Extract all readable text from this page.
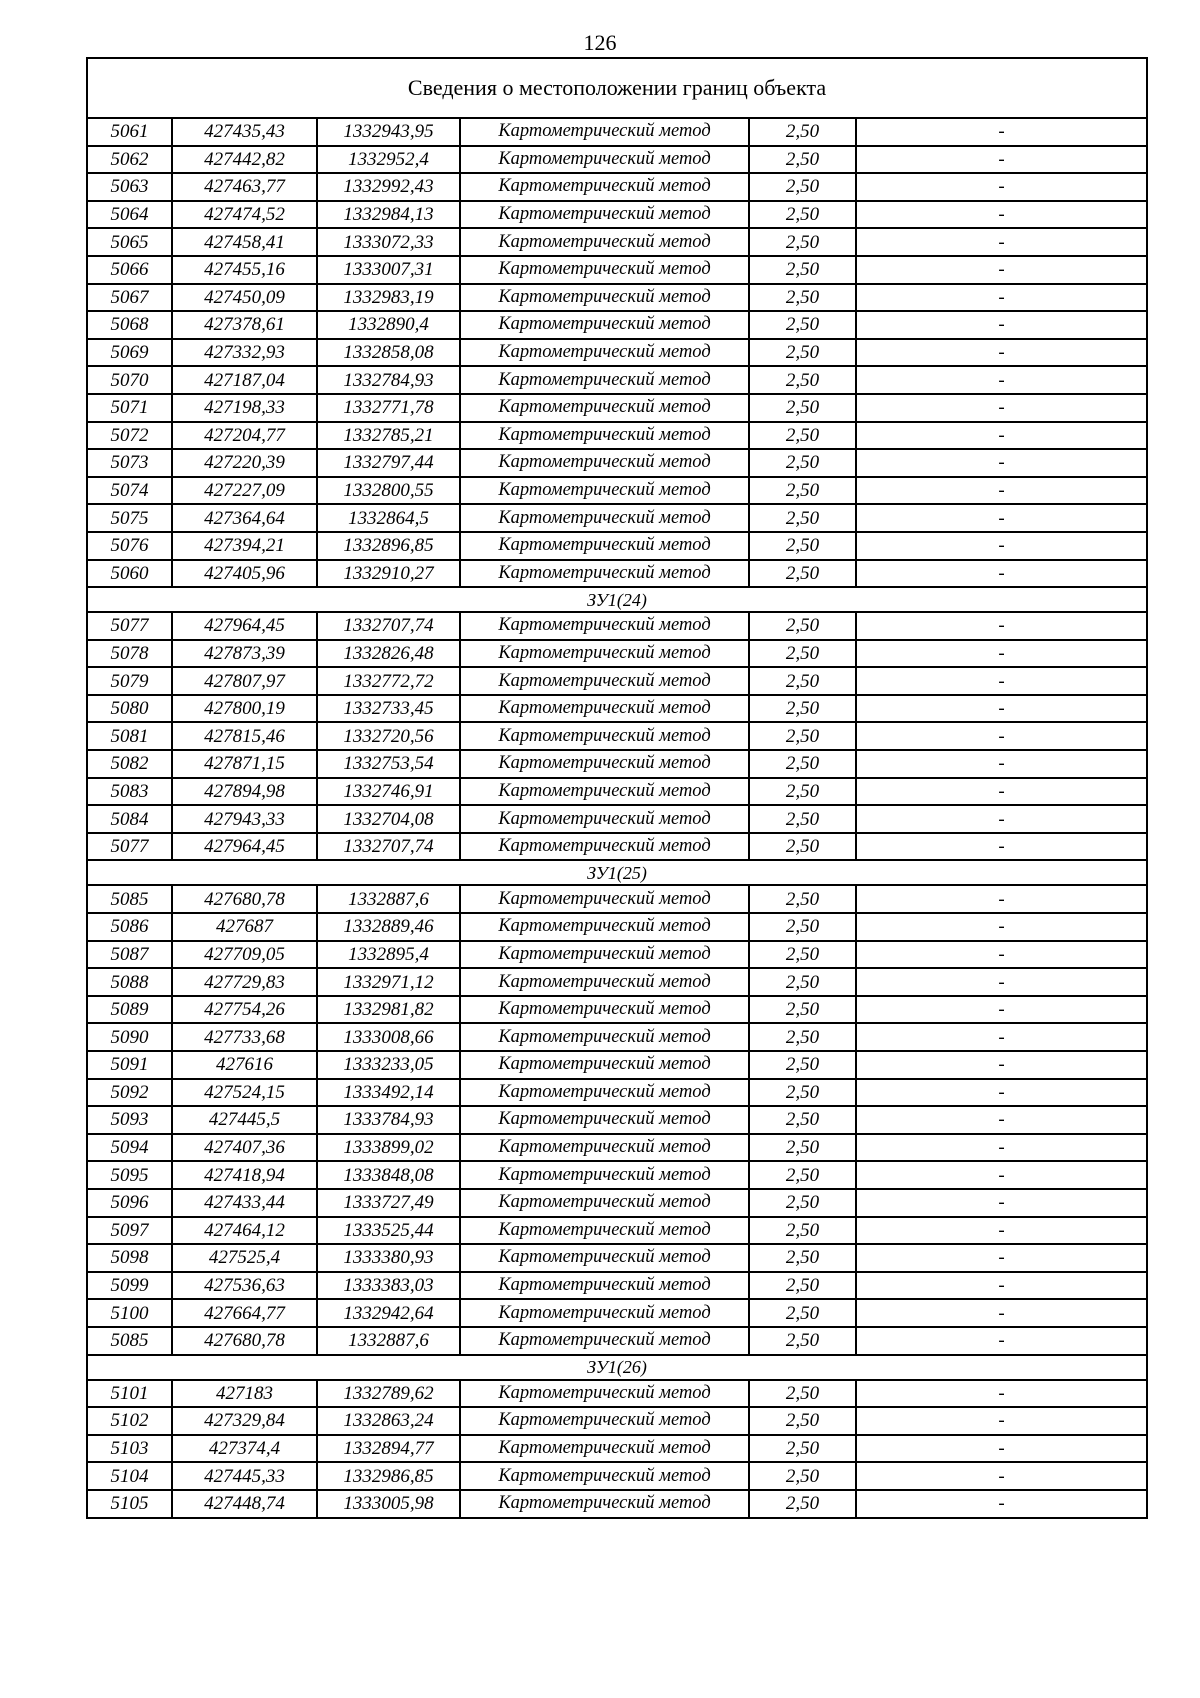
126
Сведения о местоположении границ объекта					
5061	427435,43	1332943,95	Картометрический метод	2,50	-
5062	427442,82	1332952,4	Картометрический метод	2,50	-
5063	427463,77	1332992,43	Картометрический метод	2,50	-
5064	427474,52	1332984,13	Картометрический метод	2,50	-
5065	427458,41	1333072,33	Картометрический метод	2,50	-
5066	427455,16	1333007,31	Картометрический метод	2,50	-
5067	427450,09	1332983,19	Картометрический метод	2,50	-
5068	427378,61	1332890,4	Картометрический метод	2,50	-
5069	427332,93	1332858,08	Картометрический метод	2,50	-
5070	427187,04	1332784,93	Картометрический метод	2,50	-
5071	427198,33	1332771,78	Картометрический метод	2,50	-
5072	427204,77	1332785,21	Картометрический метод	2,50	-
5073	427220,39	1332797,44	Картометрический метод	2,50	-
5074	427227,09	1332800,55	Картометрический метод	2,50	-
5075	427364,64	1332864,5	Картометрический метод	2,50	-
5076	427394,21	1332896,85	Картометрический метод	2,50	-
5060	427405,96	1332910,27	Картометрический метод	2,50	-
ЗУ1(24)					
5077	427964,45	1332707,74	Картометрический метод	2,50	-
5078	427873,39	1332826,48	Картометрический метод	2,50	-
5079	427807,97	1332772,72	Картометрический метод	2,50	-
5080	427800,19	1332733,45	Картометрический метод	2,50	-
5081	427815,46	1332720,56	Картометрический метод	2,50	-
5082	427871,15	1332753,54	Картометрический метод	2,50	-
5083	427894,98	1332746,91	Картометрический метод	2,50	-
5084	427943,33	1332704,08	Картометрический метод	2,50	-
5077	427964,45	1332707,74	Картометрический метод	2,50	-
ЗУ1(25)					
5085	427680,78	1332887,6	Картометрический метод	2,50	-
5086	427687	1332889,46	Картометрический метод	2,50	-
5087	427709,05	1332895,4	Картометрический метод	2,50	-
5088	427729,83	1332971,12	Картометрический метод	2,50	-
5089	427754,26	1332981,82	Картометрический метод	2,50	-
5090	427733,68	1333008,66	Картометрический метод	2,50	-
5091	427616	1333233,05	Картометрический метод	2,50	-
5092	427524,15	1333492,14	Картометрический метод	2,50	-
5093	427445,5	1333784,93	Картометрический метод	2,50	-
5094	427407,36	1333899,02	Картометрический метод	2,50	-
5095	427418,94	1333848,08	Картометрический метод	2,50	-
5096	427433,44	1333727,49	Картометрический метод	2,50	-
5097	427464,12	1333525,44	Картометрический метод	2,50	-
5098	427525,4	1333380,93	Картометрический метод	2,50	-
5099	427536,63	1333383,03	Картометрический метод	2,50	-
5100	427664,77	1332942,64	Картометрический метод	2,50	-
5085	427680,78	1332887,6	Картометрический метод	2,50	-
ЗУ1(26)					
5101	427183	1332789,62	Картометрический метод	2,50	-
5102	427329,84	1332863,24	Картометрический метод	2,50	-
5103	427374,4	1332894,77	Картометрический метод	2,50	-
5104	427445,33	1332986,85	Картометрический метод	2,50	-
5105	427448,74	1333005,98	Картометрический метод	2,50	-
